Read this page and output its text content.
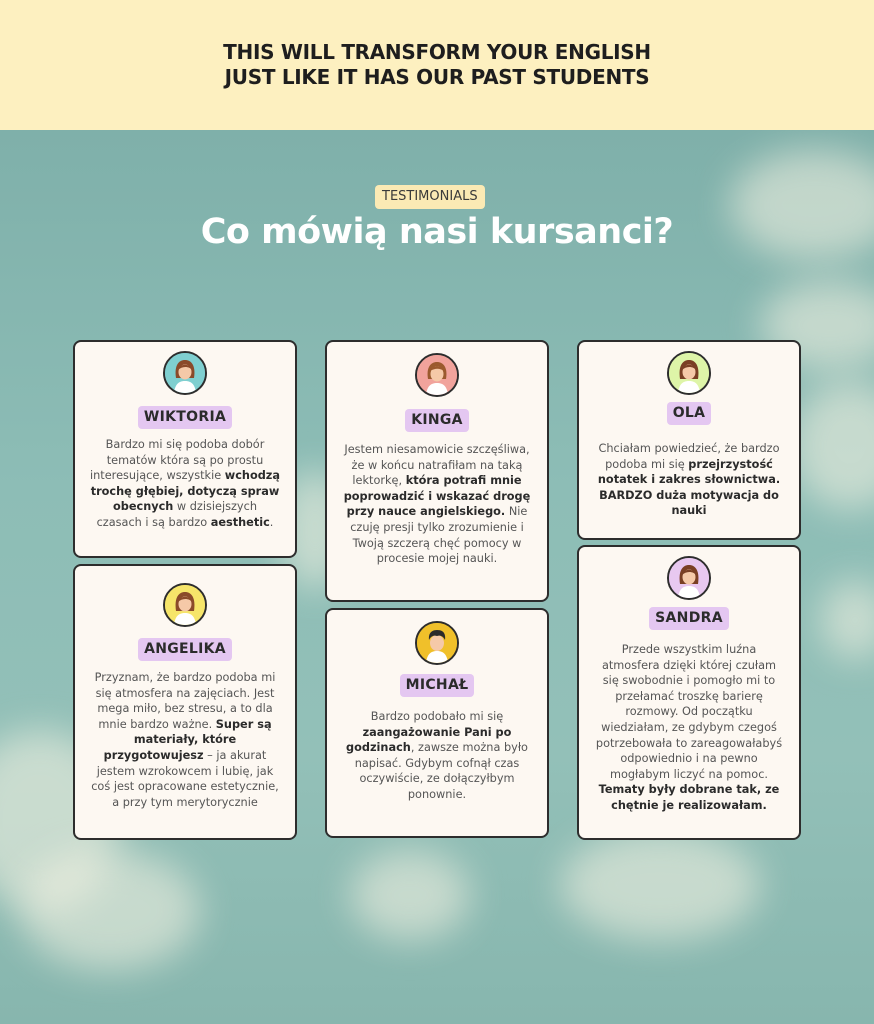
THIS WILL TRANSFORM YOUR ENGLISH
JUST LIKE IT HAS OUR PAST STUDENTS
TESTIMONIALS
Co mówią nasi kursanci?
WIKTORIA
Bardzo mi się podoba dobór tematów która są po prostu interesujące, wszystkie wchodzą trochę głębiej, dotyczą spraw obecnych w dzisiejszych czasach i są bardzo aesthetic.
KINGA
Jestem niesamowicie szczęśliwa, że w końcu natrafiłam na taką lektorkę, która potrafi mnie poprowadzić i wskazać drogę przy nauce angielskiego. Nie czuję presji tylko zrozumienie i Twoją szczerą chęć pomocy w procesie mojej nauki.
OLA
Chciałam powiedzieć, że bardzo podoba mi się przejrzystość notatek i zakres słownictwa. BARDZO duża motywacja do nauki
ANGELIKA
Przyznam, że bardzo podoba mi się atmosfera na zajęciach. Jest mega miło, bez stresu, a to dla mnie bardzo ważne. Super są materiały, które przygotowujesz – ja akurat jestem wzrokowcem i lubię, jak coś jest opracowane estetycznie, a przy tym merytorycznie
MICHAŁ
Bardzo podobało mi się zaangażowanie Pani po godzinach, zawsze można było napisać. Gdybym cofnął czas oczywiście, ze dołączyłbym ponownie.
SANDRA
Przede wszystkim luźna atmosfera dzięki której czułam się swobodnie i pomogło mi to przełamać troszkę barierę rozmowy. Od początku wiedziałam, ze gdybym czegoś potrzebowała to zareagowałabyś odpowiednio i na pewno mogłabym liczyć na pomoc. Tematy były dobrane tak, ze chętnie je realizowałam.
